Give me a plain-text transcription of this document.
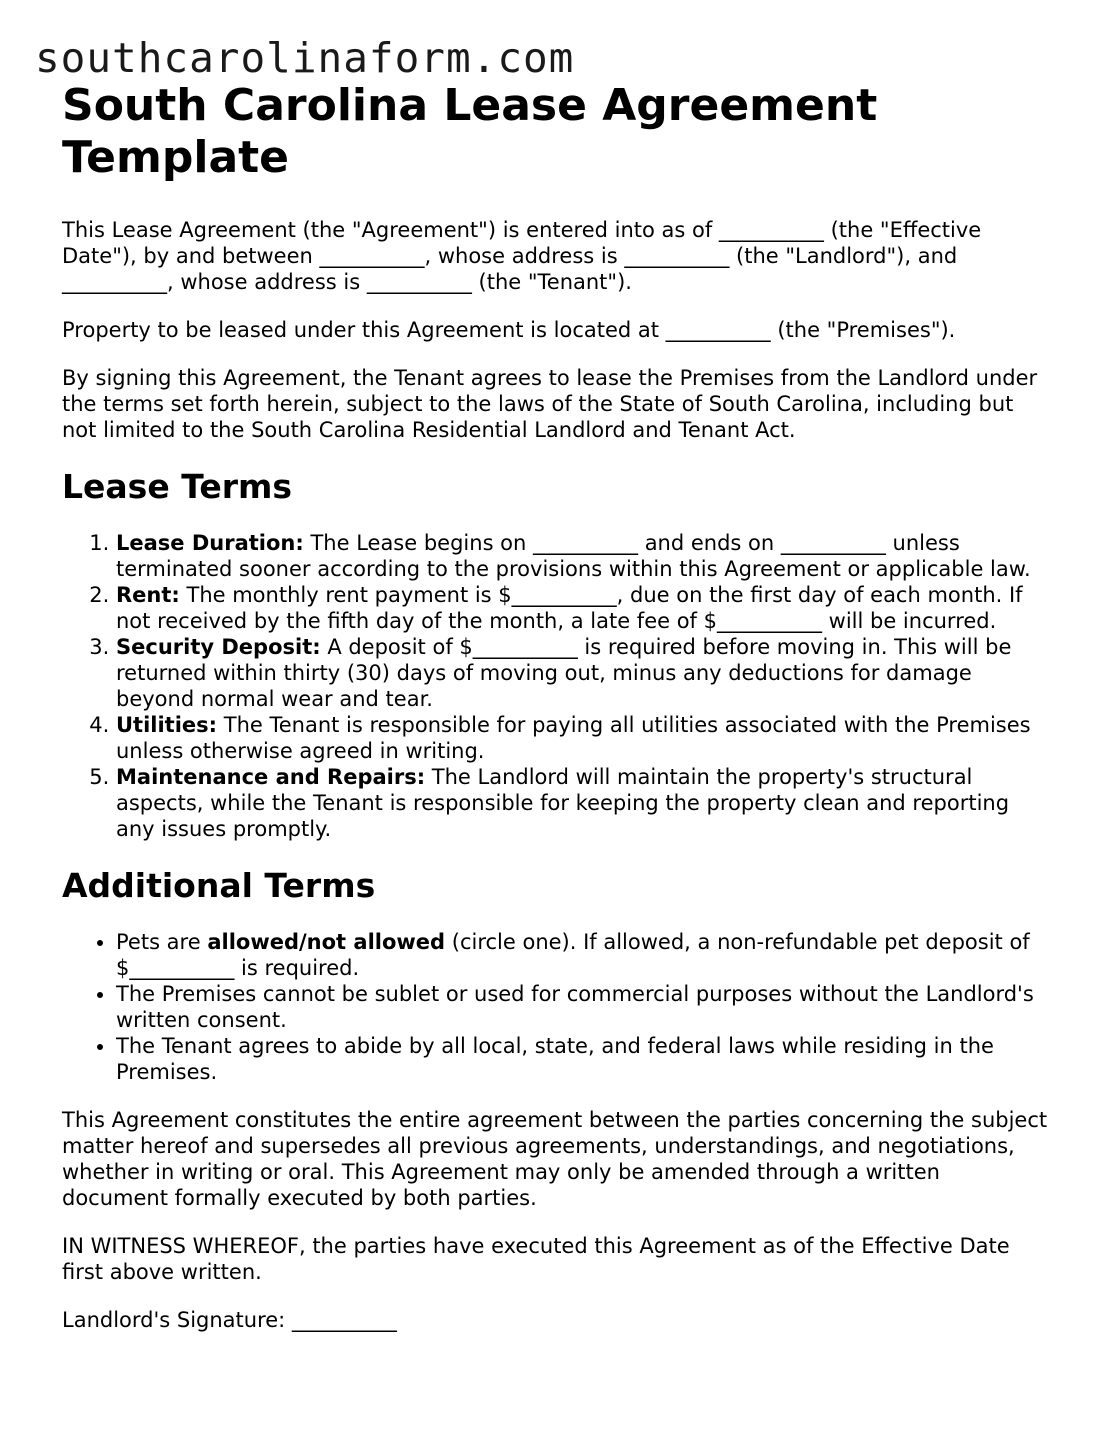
southcarolinaform.com
South Carolina Lease Agreement Template

This Lease Agreement (the "Agreement") is entered into as of __________ (the "Effective Date"), by and between __________, whose address is __________ (the "Landlord"), and __________, whose address is __________ (the "Tenant").

Property to be leased under this Agreement is located at __________ (the "Premises").

By signing this Agreement, the Tenant agrees to lease the Premises from the Landlord under the terms set forth herein, subject to the laws of the State of South Carolina, including but not limited to the South Carolina Residential Landlord and Tenant Act.

Lease Terms
1. Lease Duration: The Lease begins on __________ and ends on __________ unless terminated sooner according to the provisions within this Agreement or applicable law.
2. Rent: The monthly rent payment is $__________, due on the first day of each month. If not received by the fifth day of the month, a late fee of $__________ will be incurred.
3. Security Deposit: A deposit of $__________ is required before moving in. This will be returned within thirty (30) days of moving out, minus any deductions for damage beyond normal wear and tear.
4. Utilities: The Tenant is responsible for paying all utilities associated with the Premises unless otherwise agreed in writing.
5. Maintenance and Repairs: The Landlord will maintain the property's structural aspects, while the Tenant is responsible for keeping the property clean and reporting any issues promptly.
Additional Terms
• Pets are allowed/not allowed (circle one). If allowed, a non-refundable pet deposit of $__________ is required.
• The Premises cannot be sublet or used for commercial purposes without the Landlord's written consent.
• The Tenant agrees to abide by all local, state, and federal laws while residing in the Premises.

This Agreement constitutes the entire agreement between the parties concerning the subject matter hereof and supersedes all previous agreements, understandings, and negotiations, whether in writing or oral. This Agreement may only be amended through a written document formally executed by both parties.

IN WITNESS WHEREOF, the parties have executed this Agreement as of the Effective Date first above written.

Landlord's Signature: __________
